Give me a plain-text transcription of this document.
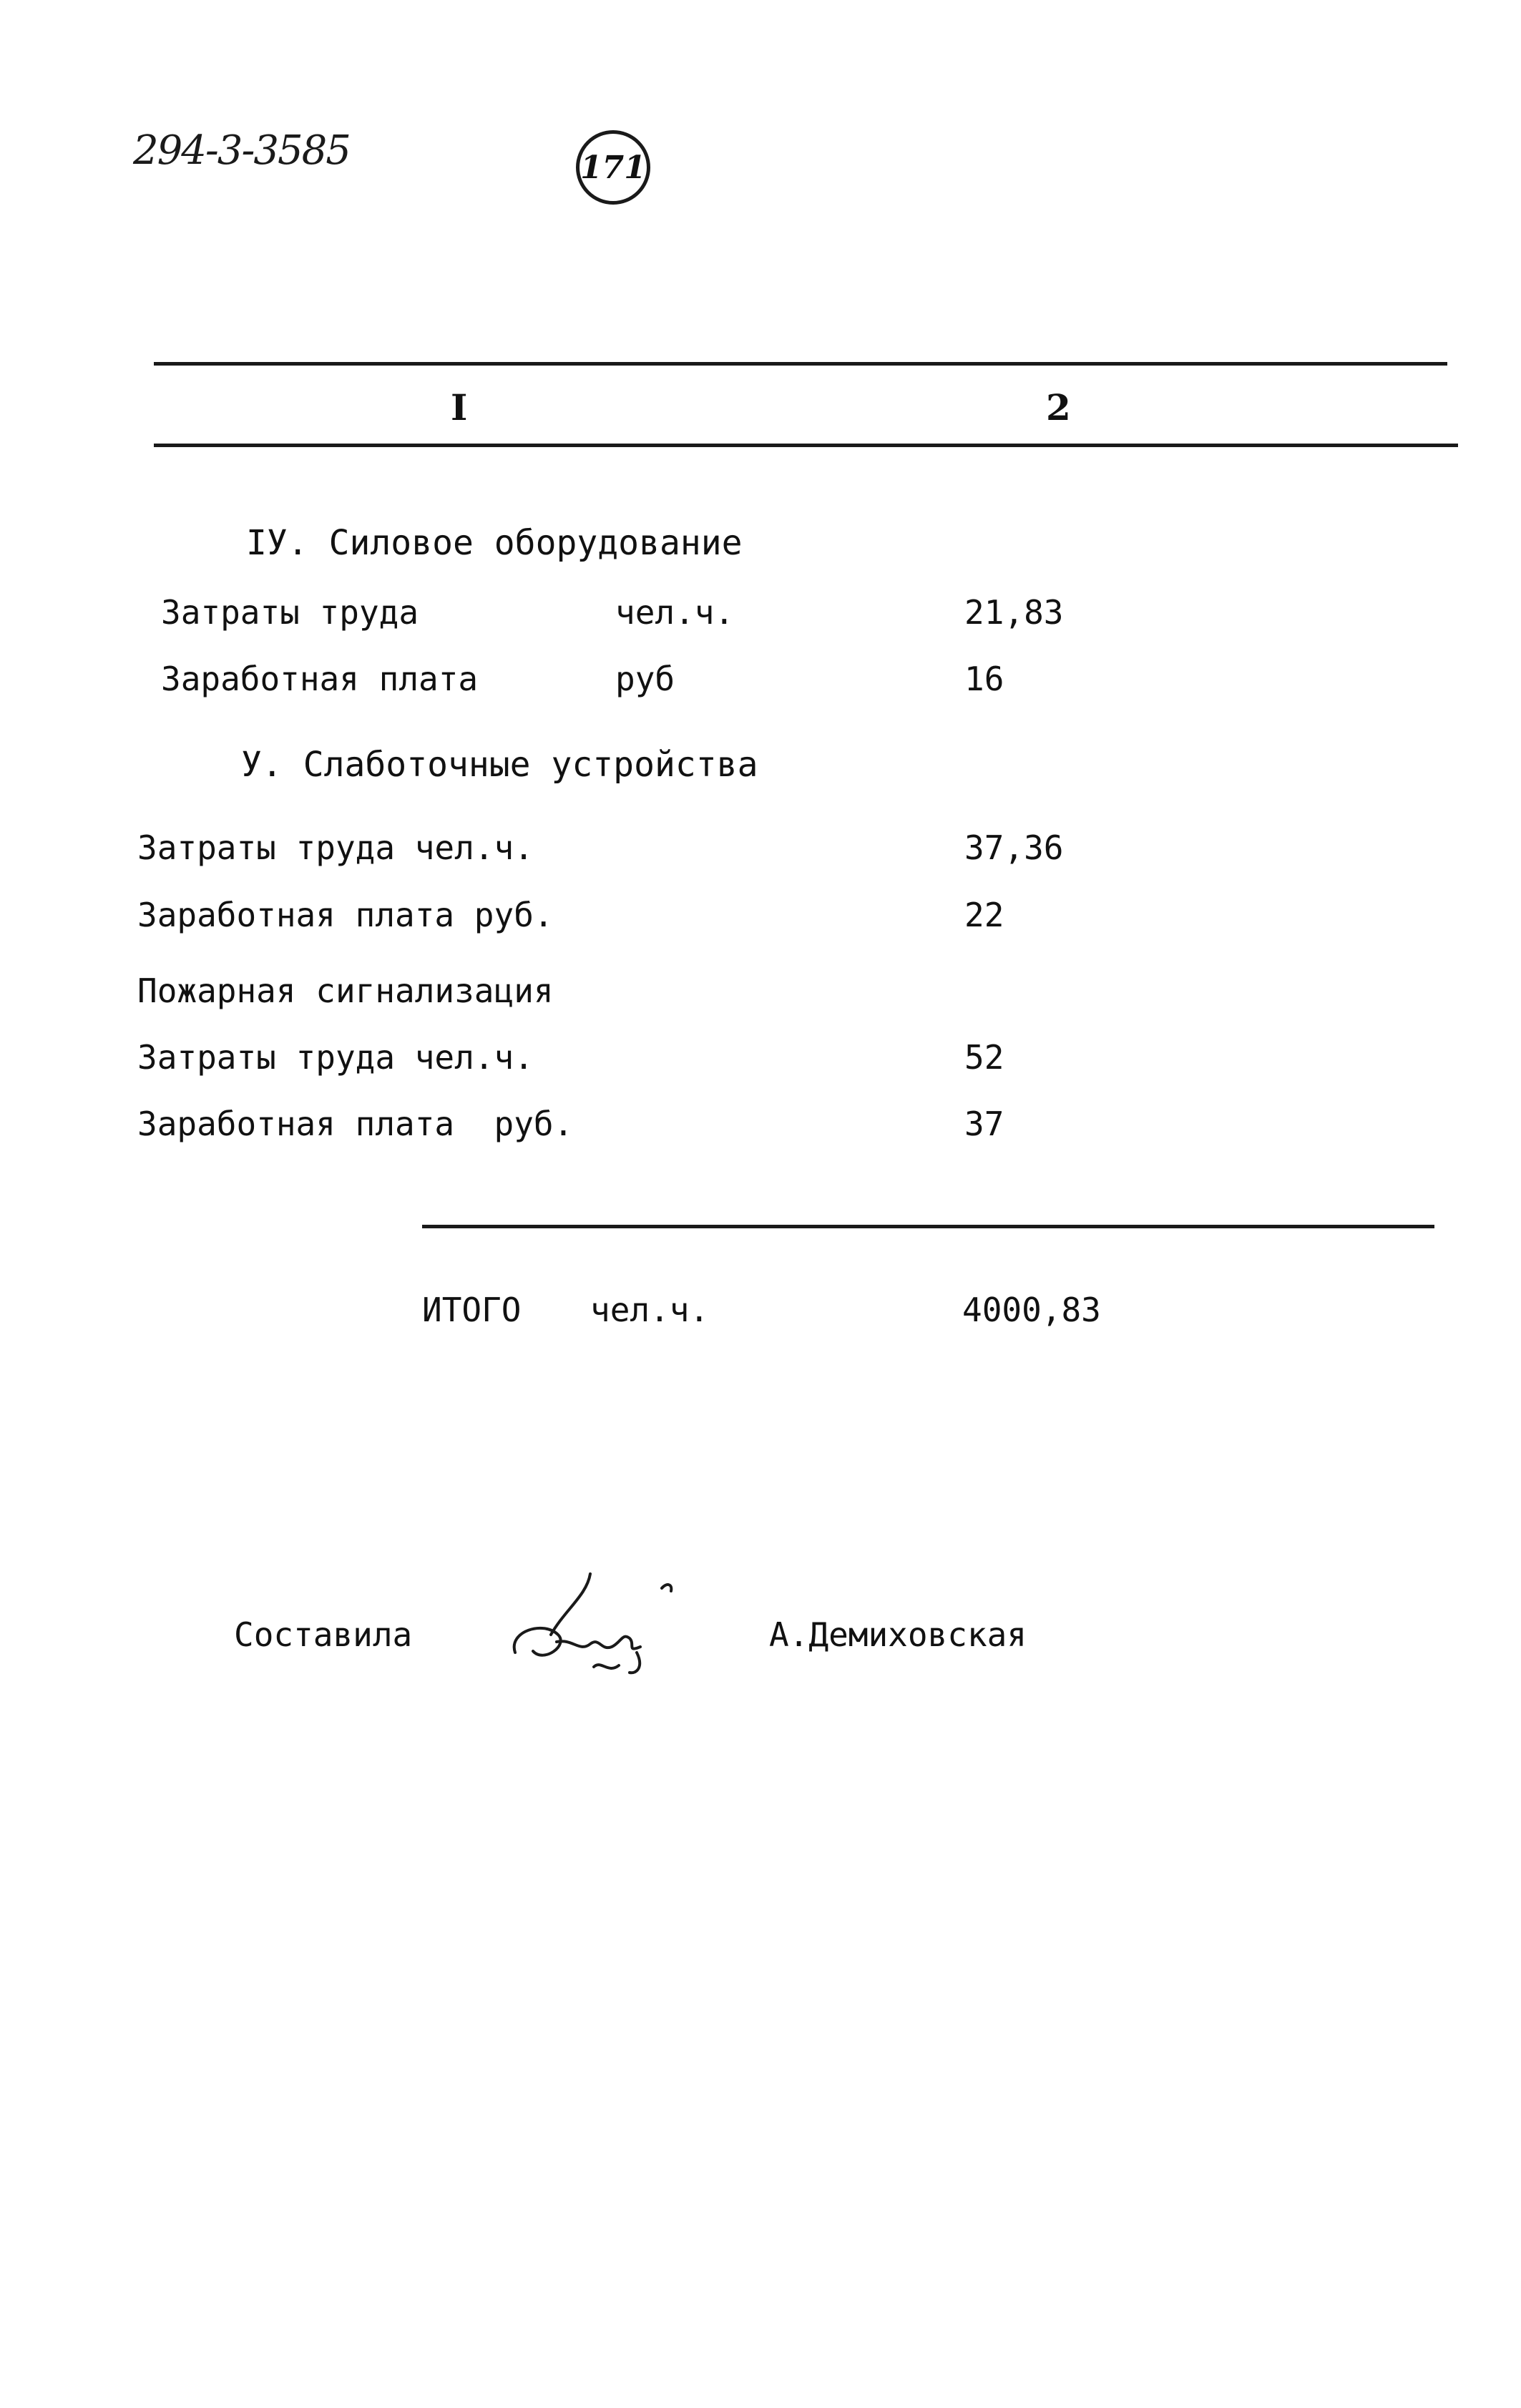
294-3-3585	171
I	2
IУ. Силовое оборудование
Затраты труда	чел.ч.	21,83
Заработная плата	руб	16
У. Слаботочные устройства
Затраты труда чел.ч.	37,36
Заработная плата руб.	22
Пожарная сигнализация
Затраты труда чел.ч.	52
Заработная плата  руб.	37
ИТОГО чел.ч.	4000,83
Составила	А.Демиховская
